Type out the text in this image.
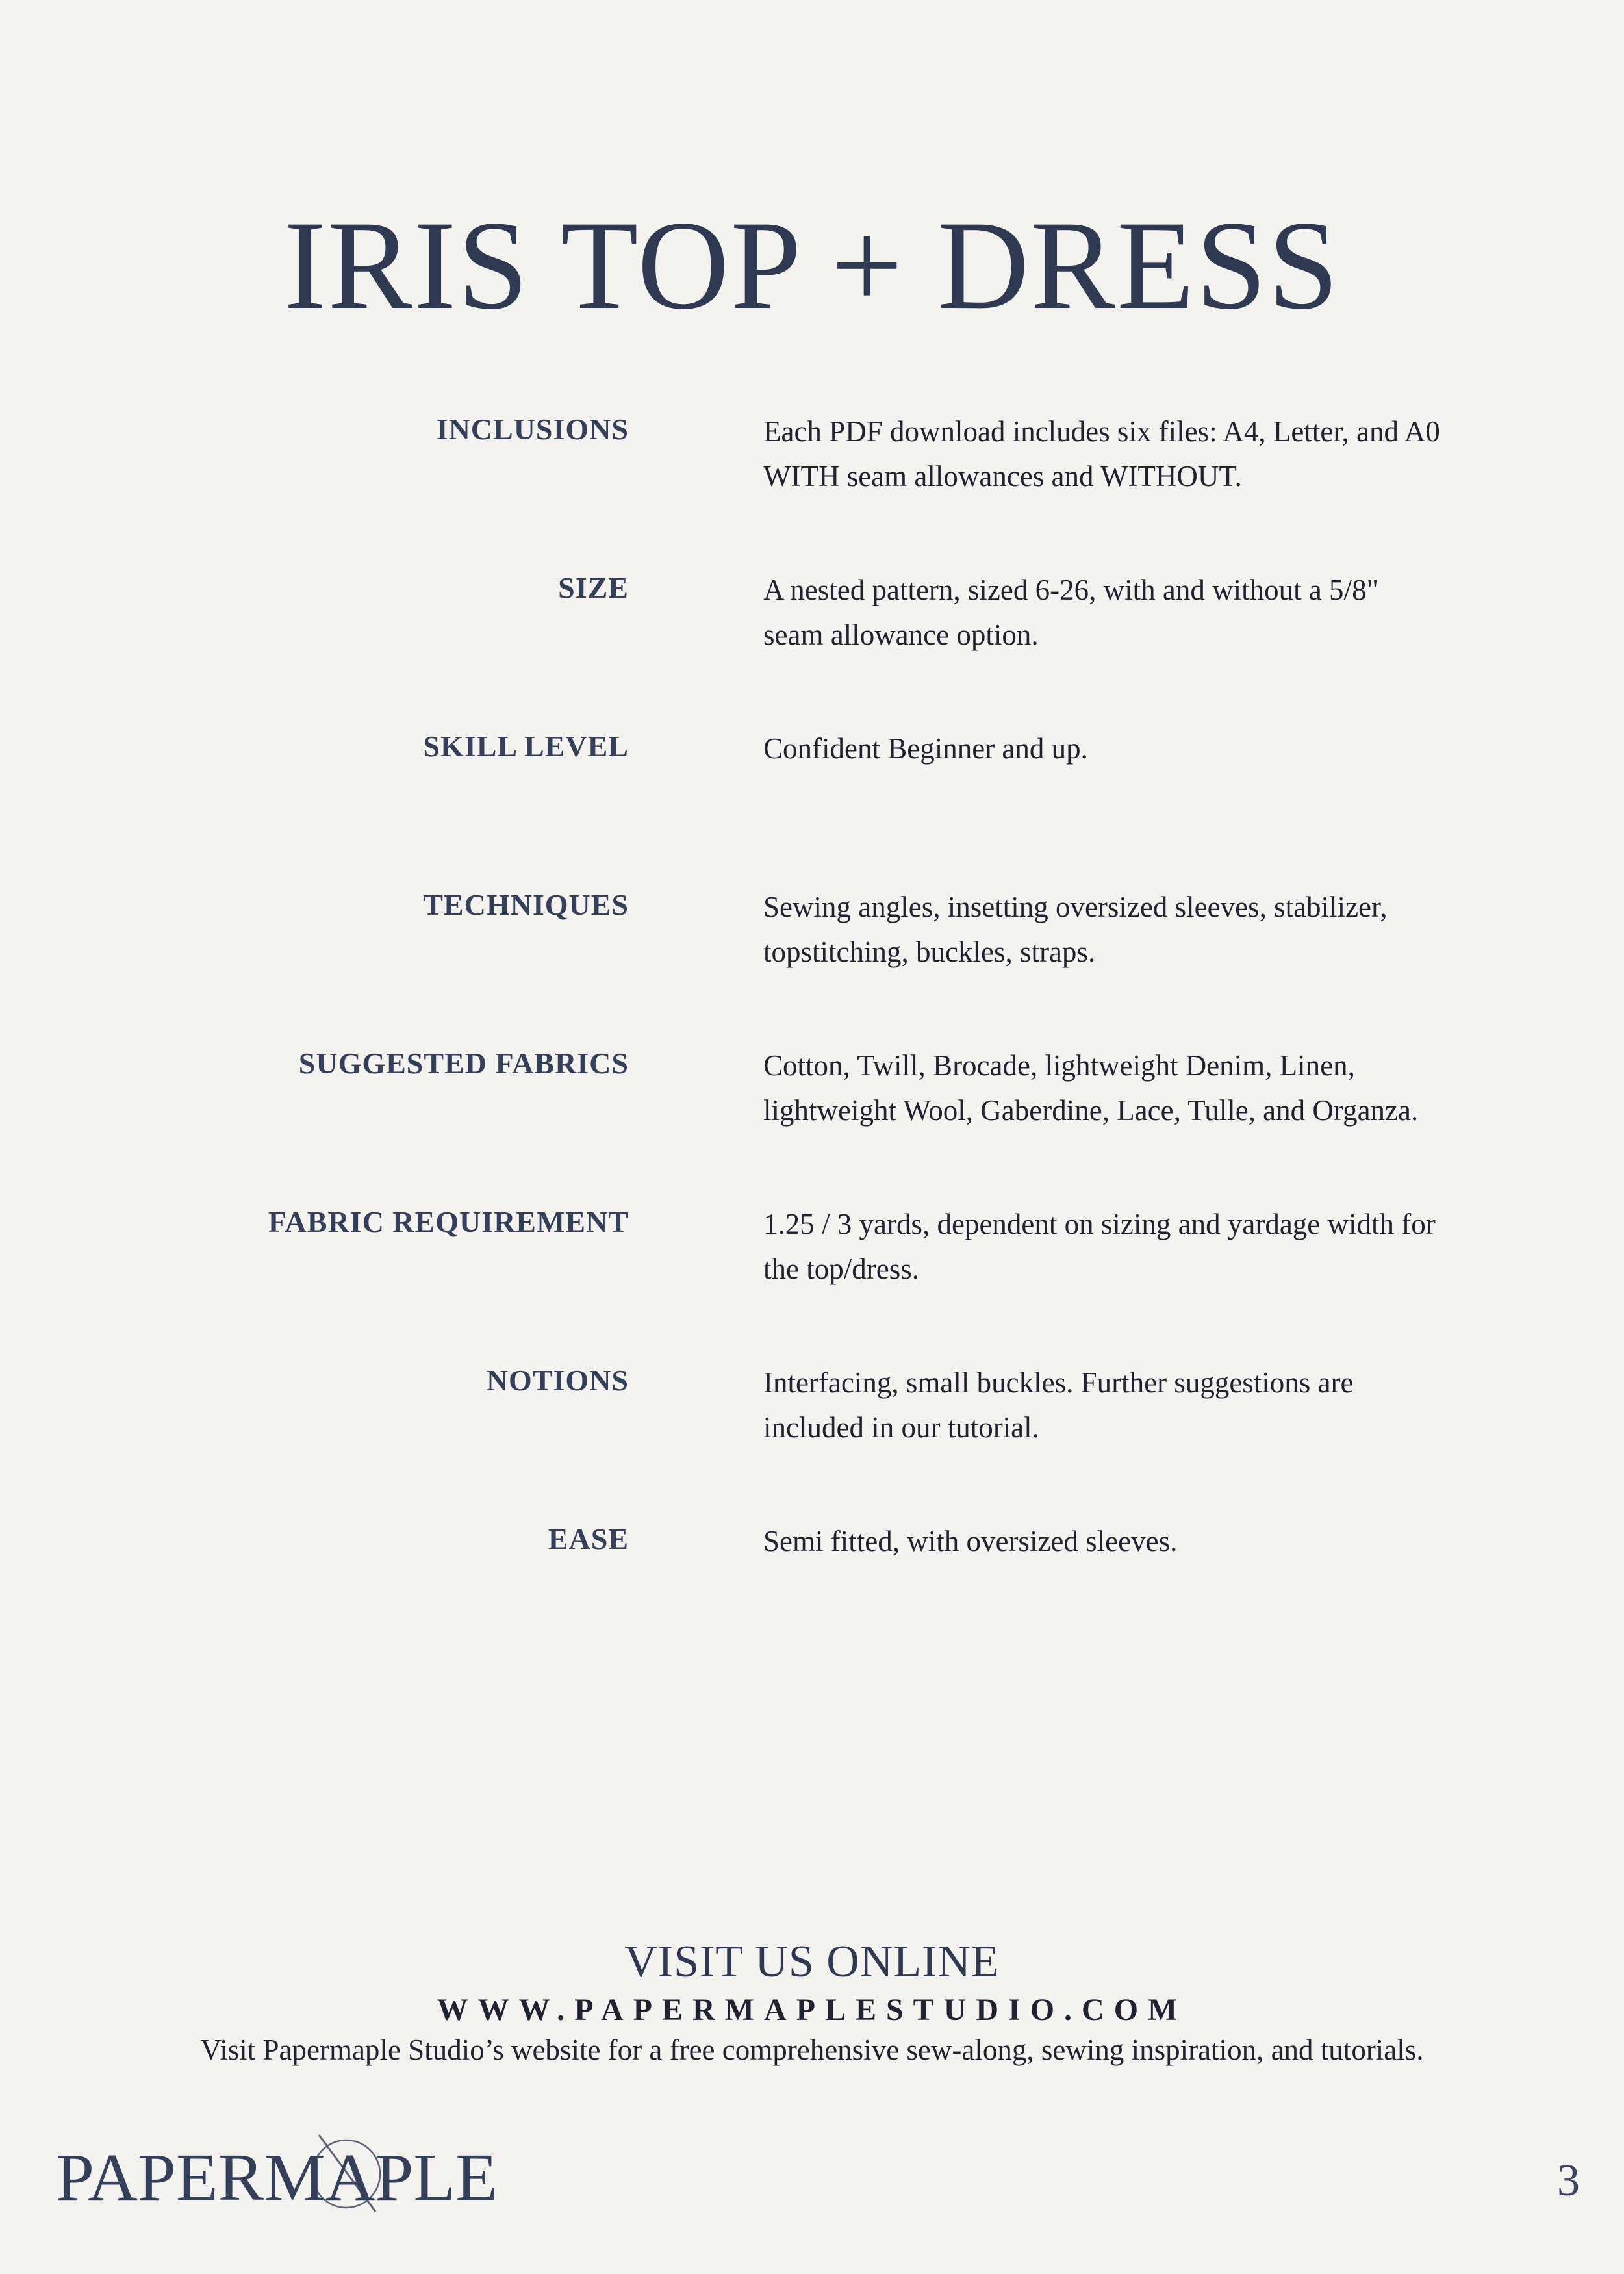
IRIS TOP + DRESS
INCLUSIONS	Each PDF download includes six files: A4, Letter, and A0
WITH seam allowances and WITHOUT.
SIZE	A nested pattern, sized 6-26, with and without a 5/8"
seam allowance option.
SKILL LEVEL	Confident Beginner and up.
TECHNIQUES	Sewing angles, insetting oversized sleeves, stabilizer,
topstitching, buckles, straps.
SUGGESTED FABRICS	Cotton, Twill, Brocade, lightweight Denim, Linen,
lightweight Wool, Gaberdine, Lace, Tulle, and Organza.
FABRIC REQUIREMENT	1.25 / 3 yards, dependent on sizing and yardage width for
the top/dress.
NOTIONS	Interfacing, small buckles. Further suggestions are
included in our tutorial.
EASE	Semi fitted, with oversized sleeves.
VISIT US ONLINE
WWW.PAPERMAPLESTUDIO.COM
Visit Papermaple Studio’s website for a free comprehensive sew-along, sewing inspiration, and tutorials.
PAPERMAPLE	3
